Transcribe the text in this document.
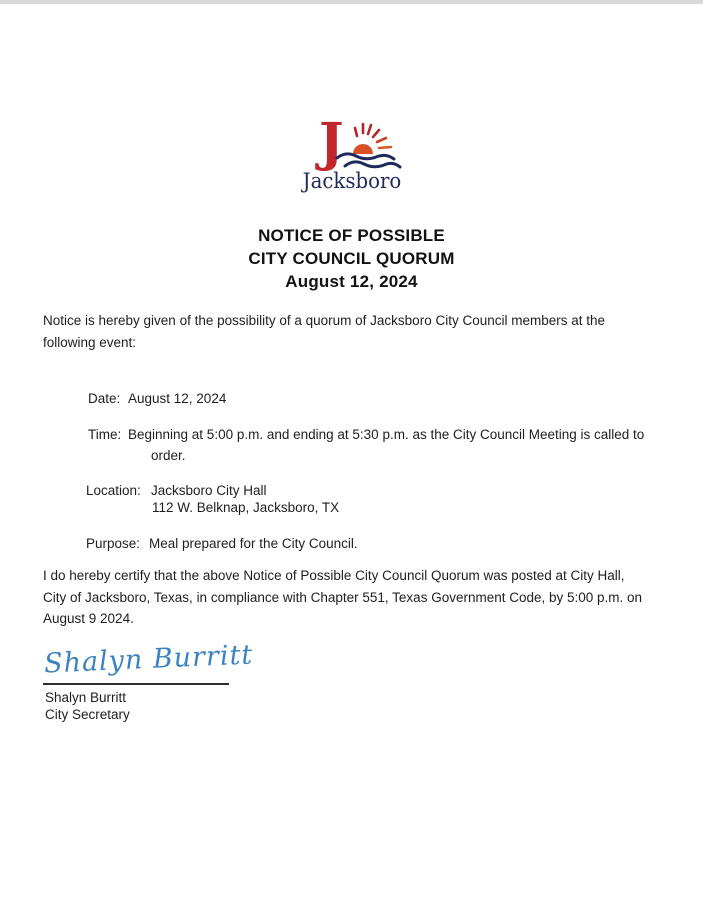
J
Jacksboro
NOTICE OF POSSIBLE
CITY COUNCIL QUORUM
August 12, 2024
Notice is hereby given of the possibility of a quorum of Jacksboro City Council members at the
following event:
Date: August 12, 2024
Time: Beginning at 5:00 p.m. and ending at 5:30 p.m. as the City Council Meeting is called to
order.
Location: Jacksboro City Hall
112 W. Belknap, Jacksboro, TX
Purpose: Meal prepared for the City Council.
I do hereby certify that the above Notice of Possible City Council Quorum was posted at City Hall,
City of Jacksboro, Texas, in compliance with Chapter 551, Texas Government Code, by 5:00 p.m. on
August 9 2024.
Shalyn Burritt
Shalyn Burritt
City Secretary
